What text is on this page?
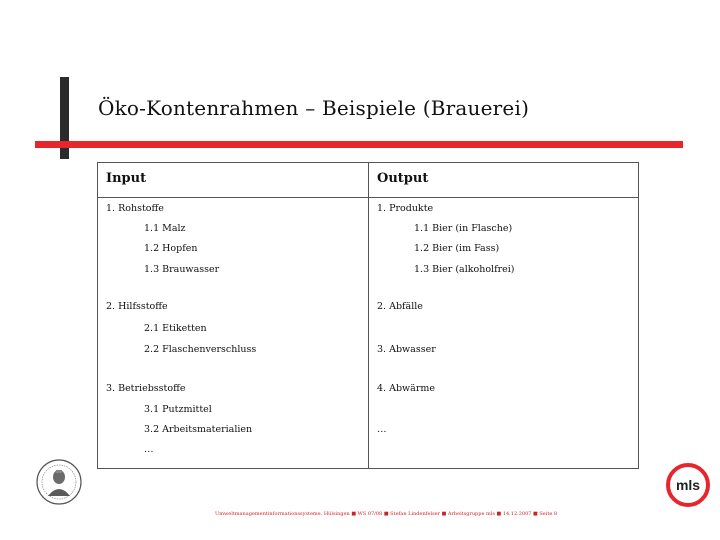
Öko-Kontenrahmen – Beispiele (Brauerei)
Input	Output
1. Rohstoffe
1.1 Malz
1.2 Hopfen
1.3 Brauwasser
2. Hilfsstoffe
2.1 Etiketten
2.2 Flaschenverschluss
3. Betriebsstoffe
3.1 Putzmittel
3.2 Arbeitsmaterialien
…
1. Produkte
1.1 Bier (in Flasche)
1.2 Bier (im Fass)
1.3 Bier (alkoholfrei)
2. Abfälle
3. Abwasser
4. Abwärme
…
mls
Umweltmanagementinformationssysteme, Hülsingen ■ WS 07/08 ■ Stefan Lindenfelser ■ Arbeitsgruppe mls ■ 14.12.2007 ■ Seite 8
